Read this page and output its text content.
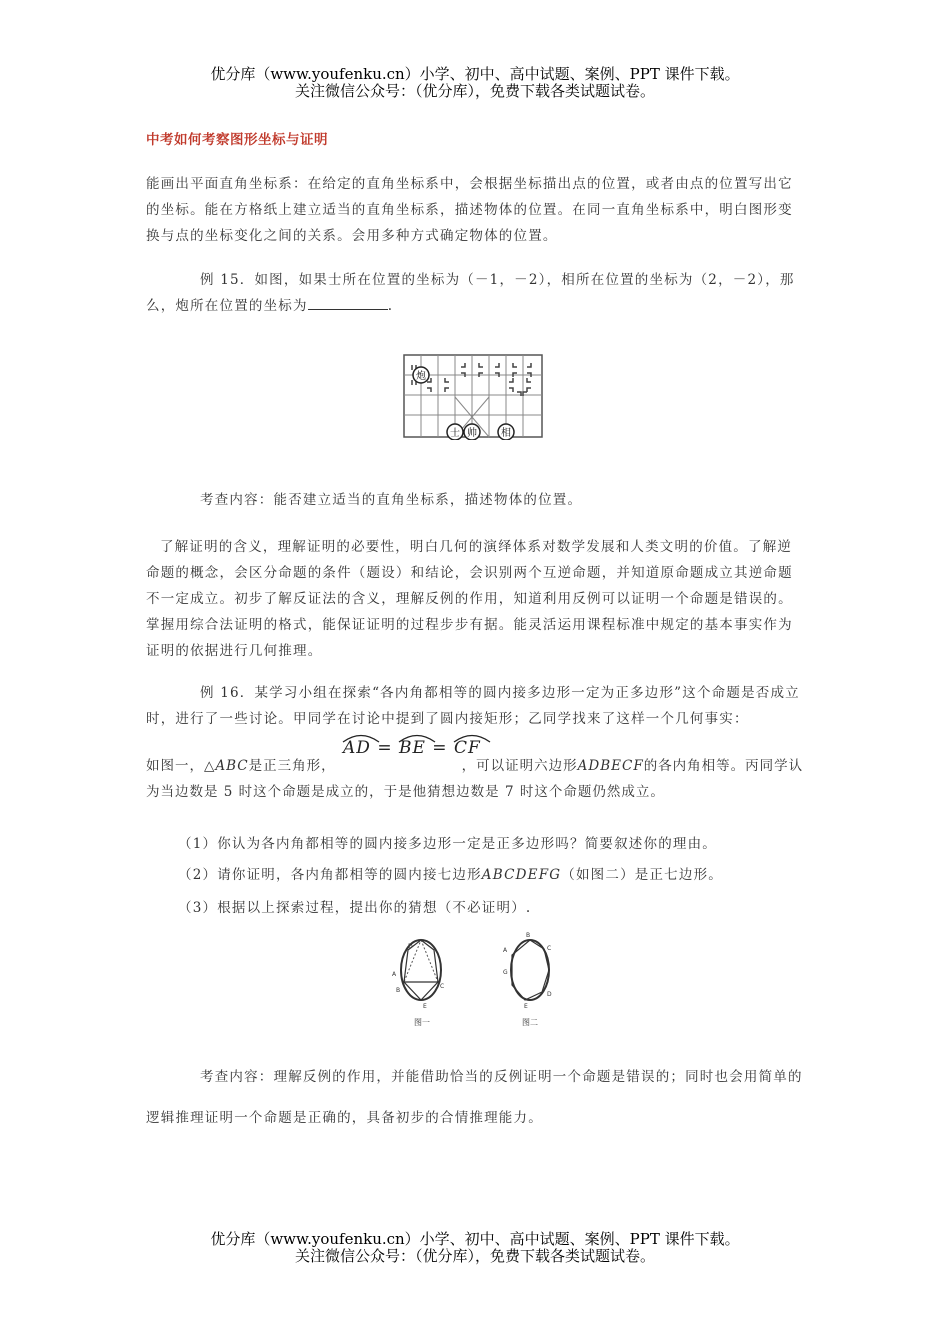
优分库（www.youfenku.cn）小学、初中、高中试题、案例、PPT 课件下载。
关注微信公众号：（优分库），免费下载各类试题试卷。
中考如何考察图形坐标与证明
能画出平面直角坐标系：在给定的直角坐标系中，会根据坐标描出点的位置，或者由点的位置写出它的坐标。能在方格纸上建立适当的直角坐标系，描述物体的位置。在同一直角坐标系中，明白图形变换与点的坐标变化之间的关系。会用多种方式确定物体的位置。
例 15．如图，如果士所在位置的坐标为（－1，－2），相所在位置的坐标为（2，－2），那么，炮所在位置的坐标为	.
炮
士 帅 相
考查内容：能否建立适当的直角坐标系，描述物体的位置。
了解证明的含义，理解证明的必要性，明白几何的演绎体系对数学发展和人类文明的价值。了解逆命题的概念，会区分命题的条件（题设）和结论，会识别两个互逆命题，并知道原命题成立其逆命题不一定成立。初步了解反证法的含义，理解反例的作用，知道利用反例可以证明一个命题是错误的。掌握用综合法证明的格式，能保证证明的过程步步有据。能灵活运用课程标准中规定的基本事实作为证明的依据进行几何推理。
例 16．某学习小组在探索“各内角都相等的圆内接多边形一定为正多边形”这个命题是否成立时，进行了一些讨论。甲同学在讨论中提到了圆内接矩形；乙同学找来了这样一个几何事实：
AD = BE = CF
如图一，△ABC是正三角形，	，可以证明六边形ADBECF的各内角相等。丙同学认为当边数是 5 时这个命题是成立的，于是他猜想边数是 7 时这个命题仍然成立。
（1）你认为各内角都相等的圆内接多边形一定是正多边形吗？简要叙述你的理由。
（2）请你证明，各内角都相等的圆内接七边形ABCDEFG（如图二）是正七边形。
（3）根据以上探索过程，提出你的猜想（不必证明）.
A
D
E
B
C
图一
B
C
A
G
D
E
图二
考查内容：理解反例的作用，并能借助恰当的反例证明一个命题是错误的；同时也会用简单的逻辑推理证明一个命题是正确的，具备初步的合情推理能力。
优分库（www.youfenku.cn）小学、初中、高中试题、案例、PPT 课件下载。
关注微信公众号：（优分库），免费下载各类试题试卷。
